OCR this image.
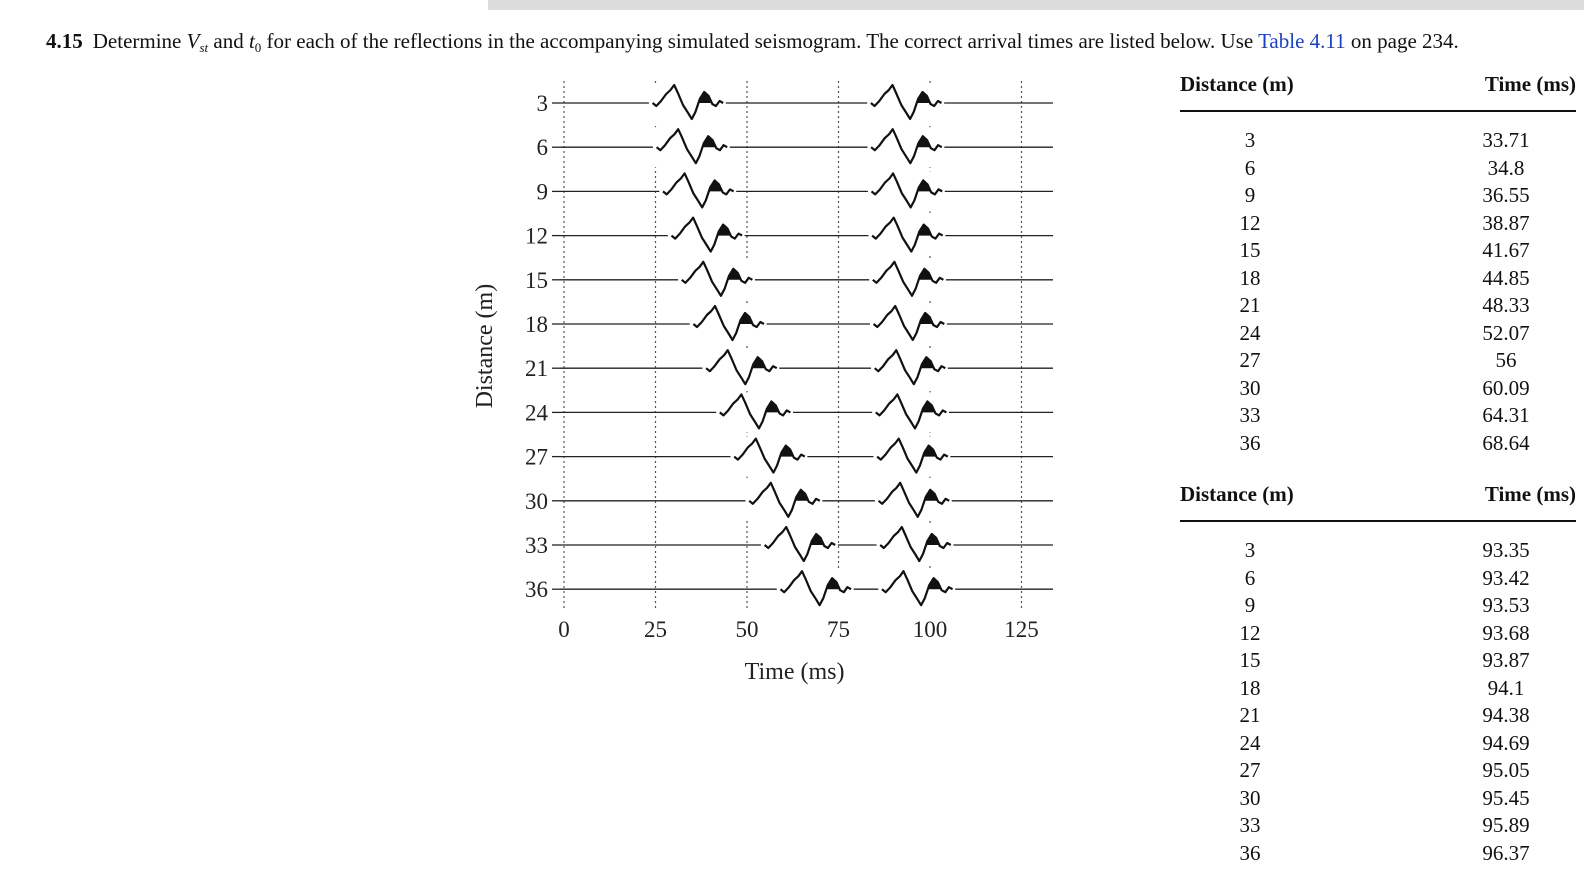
4.15 Determine $V_{st}$ and $t_0$ for each of the reflections in the accompanying simulated seismogram. The correct arrival times are listed below. Use Table 4.11 on page 234.
0	25	50	75	100 125
Time (ms)
Distance (m)
3
6
9
12
15
18
21
24
27
30
33
36
Distance (m)	Time (ms)
3	33.71
6	34.8
9	36.55
12	38.87
15	41.67
18	44.85
21	48.33
24	52.07
27	56
30	60.09
33	64.31
36	68.64
Distance (m)	Time (ms)
3	93.35
6	93.42
9	93.53
12	93.68
15	93.87
18	94.1
21	94.38
24	94.69
27	95.05
30	95.45
33	95.89
36	96.37
